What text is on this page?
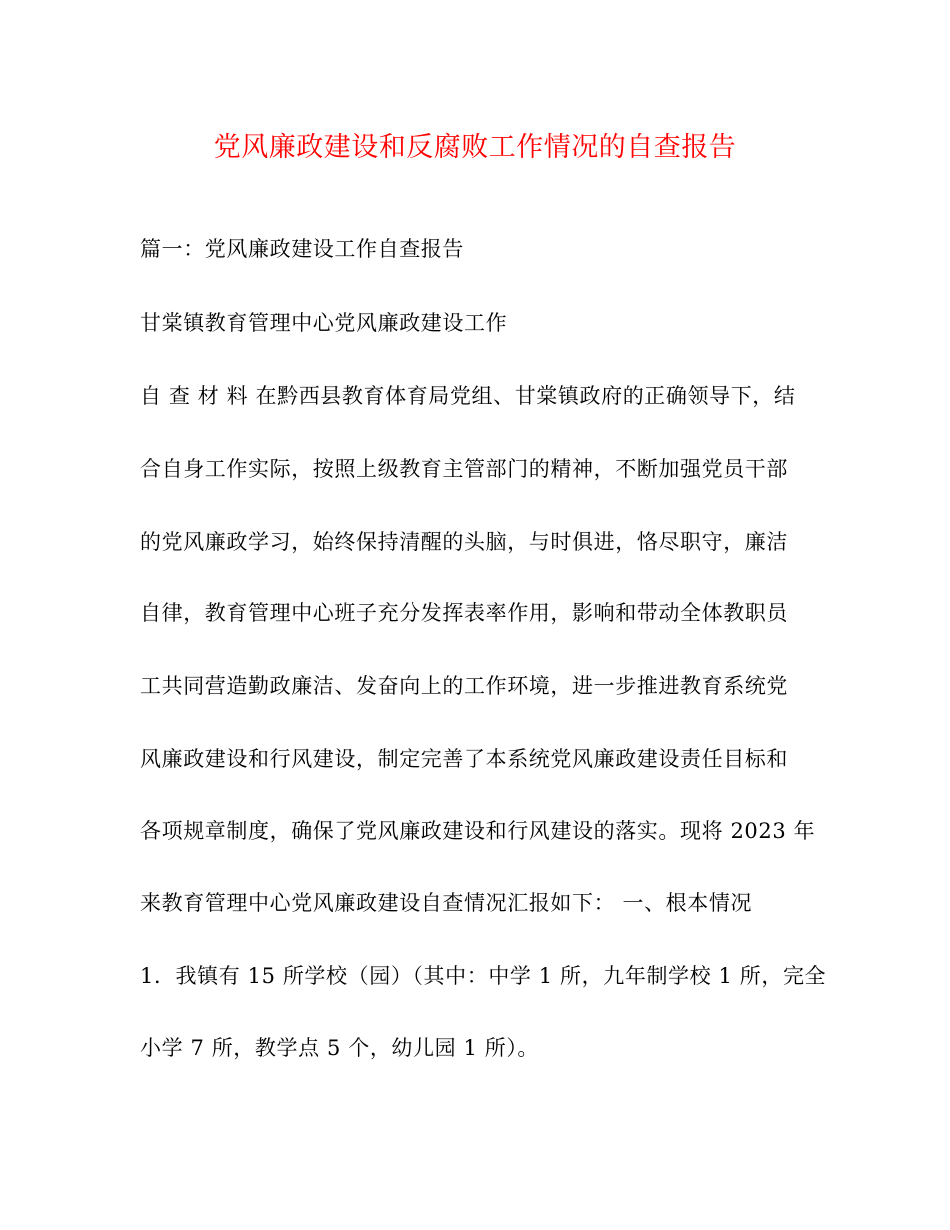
党风廉政建设和反腐败工作情况的自查报告
篇一：党风廉政建设工作自查报告
甘棠镇教育管理中心党风廉政建设工作
自 查 材 料 在黔西县教育体育局党组、甘棠镇政府的正确领导下，结
合自身工作实际，按照上级教育主管部门的精神，不断加强党员干部
的党风廉政学习，始终保持清醒的头脑，与时俱进，恪尽职守，廉洁
自律，教育管理中心班子充分发挥表率作用，影响和带动全体教职员
工共同营造勤政廉洁、发奋向上的工作环境，进一步推进教育系统党
风廉政建设和行风建设，制定完善了本系统党风廉政建设责任目标和
各项规章制度，确保了党风廉政建设和行风建设的落实。现将 2023 年
来教育管理中心党风廉政建设自查情况汇报如下： 一、根本情况
1．我镇有 15 所学校（园）（其中：中学 1 所，九年制学校 1 所，完全
小学 7 所，教学点 5 个，幼儿园 1 所）。
